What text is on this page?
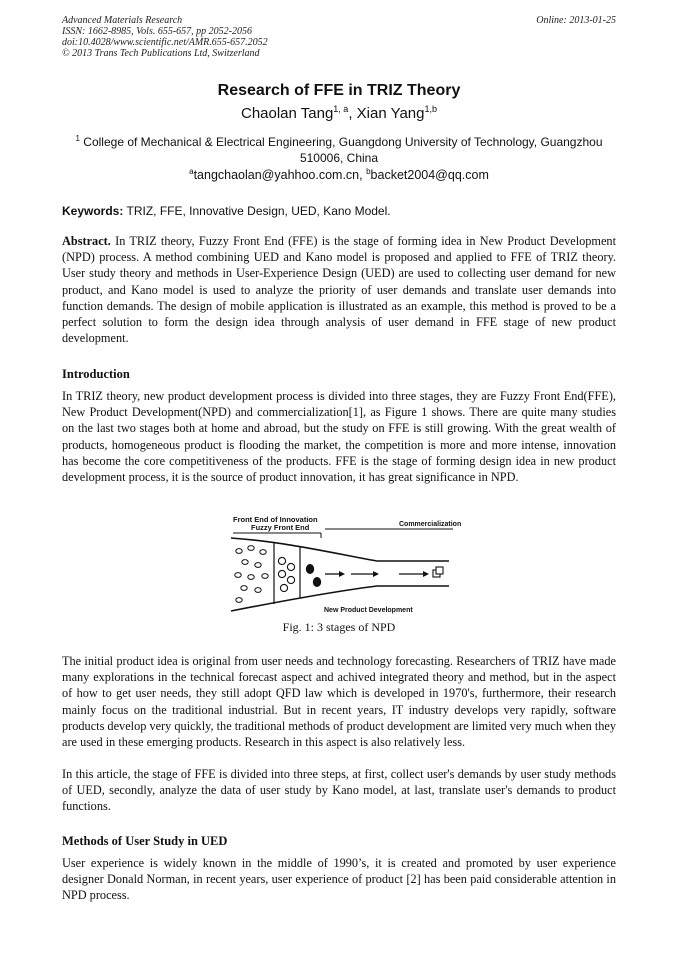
Advanced Materials Research
ISSN: 1662-8985, Vols. 655-657, pp 2052-2056
doi:10.4028/www.scientific.net/AMR.655-657.2052
© 2013 Trans Tech Publications Ltd, Switzerland
Online: 2013-01-25
Research of FFE in TRIZ Theory
Chaolan Tang$^{1, a}$, Xian Yang$^{1,b}$
$^1$ College of Mechanical & Electrical Engineering, Guangdong University of Technology, Guangzhou 510006, China
$^a$tangchaolan@yahhoo.com.cn, $^b$backet2004@qq.com
Keywords: TRIZ, FFE, Innovative Design, UED, Kano Model.
Abstract. In TRIZ theory, Fuzzy Front End (FFE) is the stage of forming idea in New Product Development (NPD) process. A method combining UED and Kano model is proposed and applied to FFE of TRIZ theory. User study theory and methods in User-Experience Design (UED) are used to collecting user demand for new product, and Kano model is used to analyze the priority of user demands and translate user demands into function demands. The design of mobile application is illustrated as an example, this method is proved to be a perfect solution to form the design idea through analysis of user demand in FFE stage of new product development.
Introduction
In TRIZ theory, new product development process is divided into three stages, they are Fuzzy Front End(FFE), New Product Development(NPD) and commercialization[1], as Figure 1 shows. There are quite many studies on the last two stages both at home and abroad, but the study on FFE is still growing. With the great wealth of products, homogeneous product is flooding the market, the competition is more and more intense, innovation has become the core competitiveness of the products. FFE is the stage of forming design idea in new product development process, it is the source of product innovation, it has great significance in NPD.
Front End of Innovation
Fuzzy Front End	Commercialization
New Product Development
Fig. 1: 3 stages of NPD
The initial product idea is original from user needs and technology forecasting. Researchers of TRIZ have made many explorations in the technical forecast aspect and achived integrated theory and method, but in the aspect of how to get user needs, they still adopt QFD law which is developed in 1970's, furthermore, their research mainly focus on the traditional industrial. But in recent years, IT industry develops very rapidly, software products develop very quickly, the traditional methods of product development are limited very much when they are used in these emerging products. Research in this aspect is also relatively less.
In this article, the stage of FFE is divided into three steps, at first, collect user's demands by user study methods of UED, secondly, analyze the data of user study by Kano model, at last, translate user's demands to product functions.
Methods of User Study in UED
User experience is widely known in the middle of 1990’s, it is created and promoted by user experience designer Donald Norman, in recent years, user experience of product [2] has been paid considerable attention in NPD process.
